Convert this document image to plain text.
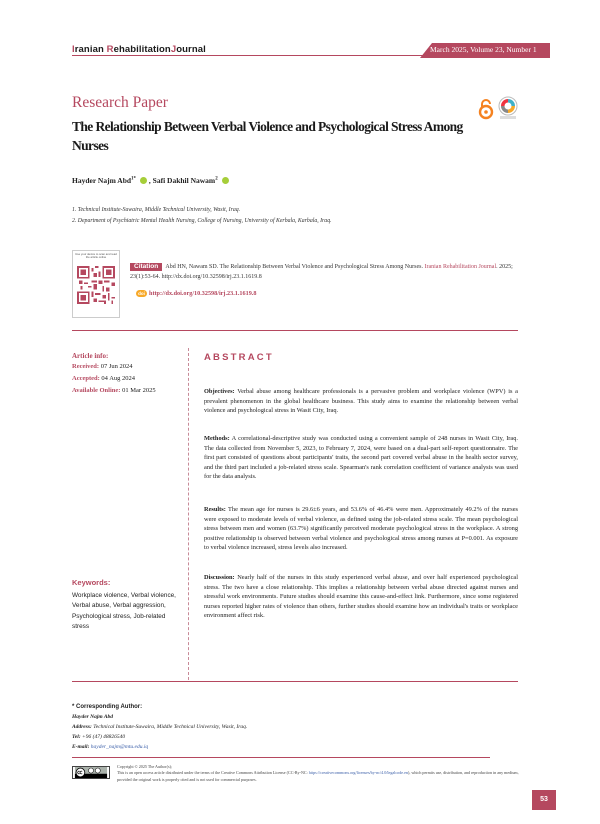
Iranian RehabilitationJournal	March 2025, Volume 23, Number 1
Research Paper
The Relationship Between Verbal Violence and Psychological Stress Among Nurses
Hayder Najm Abd$^{1*}$ , Safi Dakhil Nawam$^2$
1. Technical Institute-Suwaira, Middle Technical University, Wasit, Iraq.
2. Department of Psychiatric Mental Health Nursing, College of Nursing, University of Kerbala, Karbala, Iraq.
Use your device to scan and read the article online
Citation Abd HN, Nawam SD. The Relationship Between Verbal Violence and Psychological Stress Among Nurses. Iranian Rehabilitation Journal. 2025; 23(1):53-64. http://dx.doi.org/10.32598/irj.23.1.1619.8
doi http://dx.doi.org/10.32598/irj.23.1.1619.8
Article info:
Received: 07 Jun 2024
Accepted: 04 Aug 2024
Available Online: 01 Mar 2025
Keywords:
Workplace violence, Verbal violence, Verbal abuse, Verbal aggression, Psychological stress, Job-related stress
ABSTRACT
Objectives: Verbal abuse among healthcare professionals is a pervasive problem and workplace violence (WPV) is a prevalent phenomenon in the global healthcare business. This study aims to examine the relationship between verbal violence and psychological stress in Wasit City, Iraq.
Methods: A correlational-descriptive study was conducted using a convenient sample of 248 nurses in Wasit City, Iraq. The data collected from November 5, 2023, to February 7, 2024, were based on a dual-part self-report questionnaire. The first part consisted of questions about participants' traits, the second part covered verbal abuse in the health sector survey, and the third part included a job-related stress scale. Spearman's rank correlation coefficient of variance analysis was used for the data analysis.
Results: The mean age for nurses is 29.6±6 years, and 53.6% of 46.4% were men. Approximately 49.2% of the nurses were exposed to moderate levels of verbal violence, as defined using the job-related stress scale. The mean psychological stress between men and women (63.7%) significantly perceived moderate psychological stress in the workplace. A strong positive relationship is observed between verbal violence and psychological stress among nurses at P=0.001. As exposure to verbal violence increased, stress levels also increased.
Discussion: Nearly half of the nurses in this study experienced verbal abuse, and over half experienced psychological stress. The two have a close relationship. This implies a relationship between verbal abuse directed against nurses and stressful work environments. Future studies should examine this cause-and-effect link. Furthermore, since some registered nurses reported higher rates of violence than others, further studies should examine how an individual's traits or workplace environment affect risk.
* Corresponding Author:
Hayder Najm Abd
Address: Technical Institute-Suwaira, Middle Technical University, Wasit, Iraq.
Tel: +96 (47) 48826540
E-mail: hayder_najm@mtu.edu.iq
Copyright © 2025 The Author(s);
This is an open access article distributed under the terms of the Creative Commons Attribution License (CC-By-NC: https://creativecommons.org/licenses/by-nc/4.0/legalcode.en), which permits use, distribution, and reproduction in any medium, provided the original work is properly cited and is not used for commercial purposes.
53
